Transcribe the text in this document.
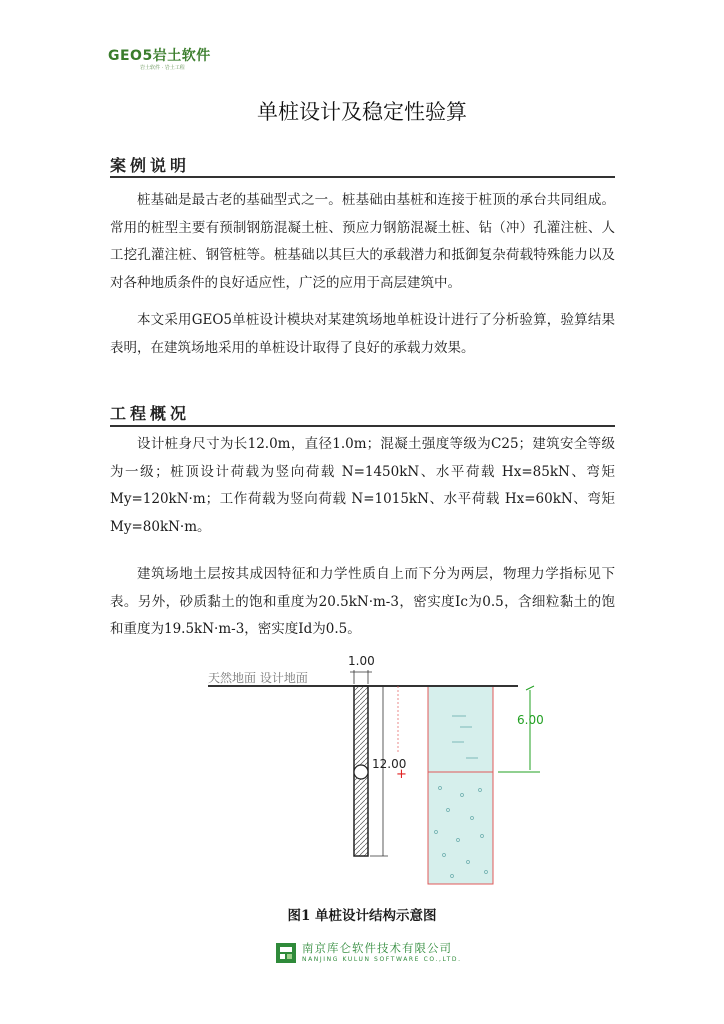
GEO5岩土软件
岩土软件 · 岩土工程
单桩设计及稳定性验算
案例说明

桩基础是最古老的基础型式之一。桩基础由基桩和连接于桩顶的承台共同组成。常用的桩型主要有预制钢筋混凝土桩、预应力钢筋混凝土桩、钻（冲）孔灌注桩、人工挖孔灌注桩、钢管桩等。桩基础以其巨大的承载潜力和抵御复杂荷载特殊能力以及对各种地质条件的良好适应性，广泛的应用于高层建筑中。

本文采用GEO5单桩设计模块对某建筑场地单桩设计进行了分析验算，验算结果表明，在建筑场地采用的单桩设计取得了良好的承载力效果。

工程概况

设计桩身尺寸为长12.0m，直径1.0m；混凝土强度等级为C25；建筑安全等级为一级；桩顶设计荷载为竖向荷载 N=1450kN、水平荷载 Hx=85kN、弯矩My=120kN·m；工作荷载为竖向荷载 N=1015kN、水平荷载 Hx=60kN、弯矩My=80kN·m。

建筑场地土层按其成因特征和力学性质自上而下分为两层，物理力学指标见下表。另外，砂质黏土的饱和重度为20.5kN·m-3，密实度Ic为0.5，含细粒黏土的饱和重度为19.5kN·m-3，密实度Id为0.5。

天然地面 设计地面
1.00
12.00
+
6.00
图1 单桩设计结构示意图
南京库仑软件技术有限公司
NANJING KULUN SOFTWARE CO.,LTD.
